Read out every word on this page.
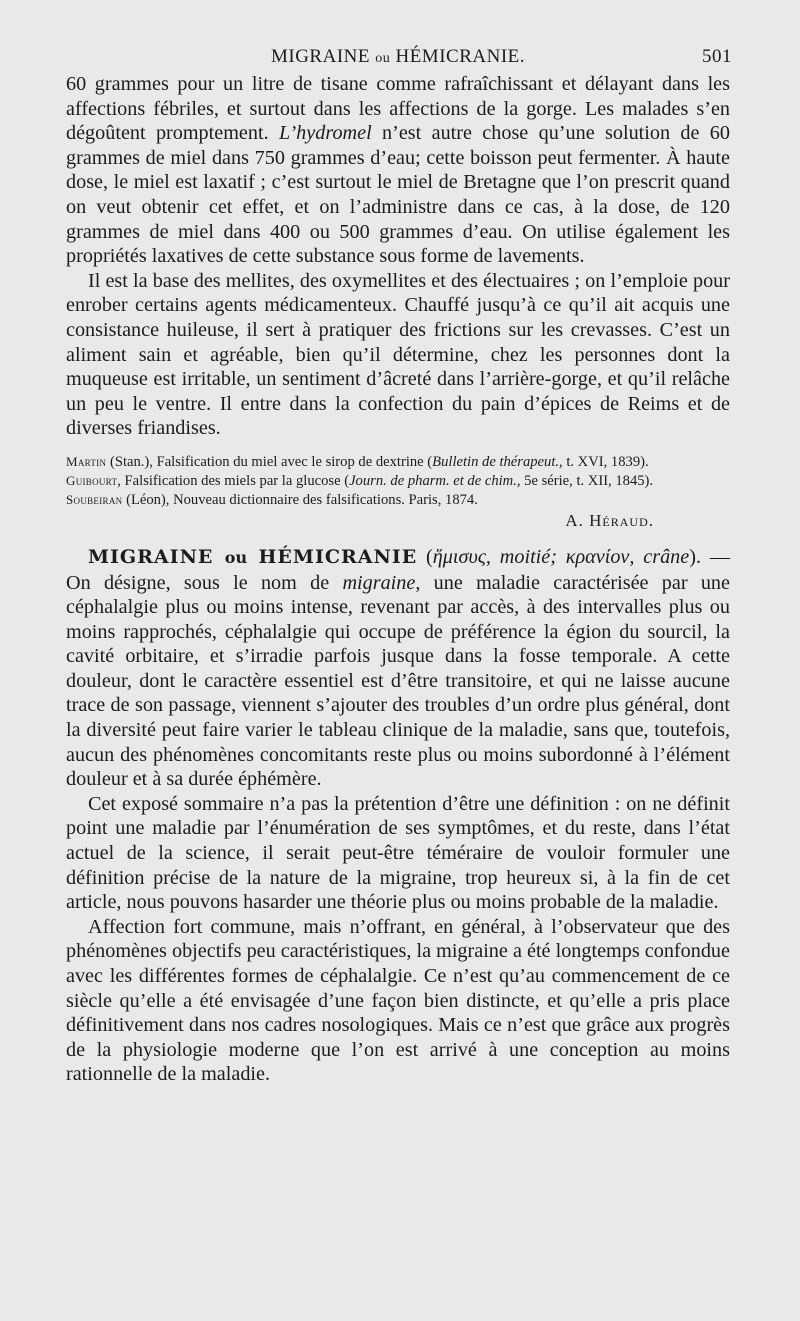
MIGRAINE ou HÉMICRANIE.	501

60 grammes pour un litre de tisane comme rafraîchissant et délayant dans les affections fébriles, et surtout dans les affections de la gorge. Les malades s’en dégoûtent promptement. L’hydromel n’est autre chose qu’une solution de 60 grammes de miel dans 750 grammes d’eau; cette boisson peut fermenter. À haute dose, le miel est laxatif ; c’est surtout le miel de Bretagne que l’on prescrit quand on veut obtenir cet effet, et on l’administre dans ce cas, à la dose, de 120 grammes de miel dans 400 ou 500 grammes d’eau. On utilise également les propriétés laxatives de cette substance sous forme de lavements.

Il est la base des mellites, des oxymellites et des électuaires ; on l’emploie pour enrober certains agents médicamenteux. Chauffé jusqu’à ce qu’il ait acquis une consistance huileuse, il sert à pratiquer des frictions sur les crevasses. C’est un aliment sain et agréable, bien qu’il détermine, chez les personnes dont la muqueuse est irritable, un sentiment d’âcreté dans l’arrière-gorge, et qu’il relâche un peu le ventre. Il entre dans la confection du pain d’épices de Reims et de diverses friandises.

Martin (Stan.), Falsification du miel avec le sirop de dextrine (Bulletin de thérapeut., t. XVI, 1839).
Guibourt, Falsification des miels par la glucose (Journ. de pharm. et de chim., 5e série, t. XII, 1845).
Soubeiran (Léon), Nouveau dictionnaire des falsifications. Paris, 1874.
A. Héraud.

MIGRAINE ou HÉMICRANIE (ἥμισυς, moitié; κρανίον, crâne). — On désigne, sous le nom de migraine, une maladie caractérisée par une céphalalgie plus ou moins intense, revenant par accès, à des intervalles plus ou moins rapprochés, céphalalgie qui occupe de préférence la égion du sourcil, la cavité orbitaire, et s’irradie parfois jusque dans la fosse temporale. A cette douleur, dont le caractère essentiel est d’être transitoire, et qui ne laisse aucune trace de son passage, viennent s’ajouter des troubles d’un ordre plus général, dont la diversité peut faire varier le tableau clinique de la maladie, sans que, toutefois, aucun des phénomènes concomitants reste plus ou moins subordonné à l’élément douleur et à sa durée éphémère.

Cet exposé sommaire n’a pas la prétention d’être une définition : on ne définit point une maladie par l’énumération de ses symptômes, et du reste, dans l’état actuel de la science, il serait peut-être téméraire de vouloir formuler une définition précise de la nature de la migraine, trop heureux si, à la fin de cet article, nous pouvons hasarder une théorie plus ou moins probable de la maladie.

Affection fort commune, mais n’offrant, en général, à l’observateur que des phénomènes objectifs peu caractéristiques, la migraine a été longtemps confondue avec les différentes formes de céphalalgie. Ce n’est qu’au commencement de ce siècle qu’elle a été envisagée d’une façon bien distincte, et qu’elle a pris place définitivement dans nos cadres nosologiques. Mais ce n’est que grâce aux progrès de la physiologie moderne que l’on est arrivé à une conception au moins rationnelle de la maladie.
